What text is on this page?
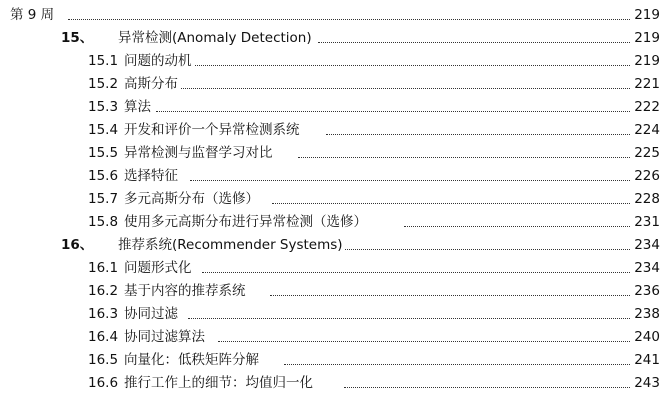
第 9 周	219
15、 异常检测(Anomaly Detection)	219
15.1 问题的动机	219
15.2 高斯分布	221
15.3 算法	222
15.4 开发和评价一个异常检测系统	224
15.5 异常检测与监督学习对比	225
15.6 选择特征	226
15.7 多元高斯分布（选修）	228
15.8 使用多元高斯分布进行异常检测（选修）	231
16、 推荐系统(Recommender Systems)	234
16.1 问题形式化	234
16.2 基于内容的推荐系统	236
16.3 协同过滤	238
16.4 协同过滤算法	240
16.5 向量化：低秩矩阵分解	241
16.6 推行工作上的细节：均值归一化	243
